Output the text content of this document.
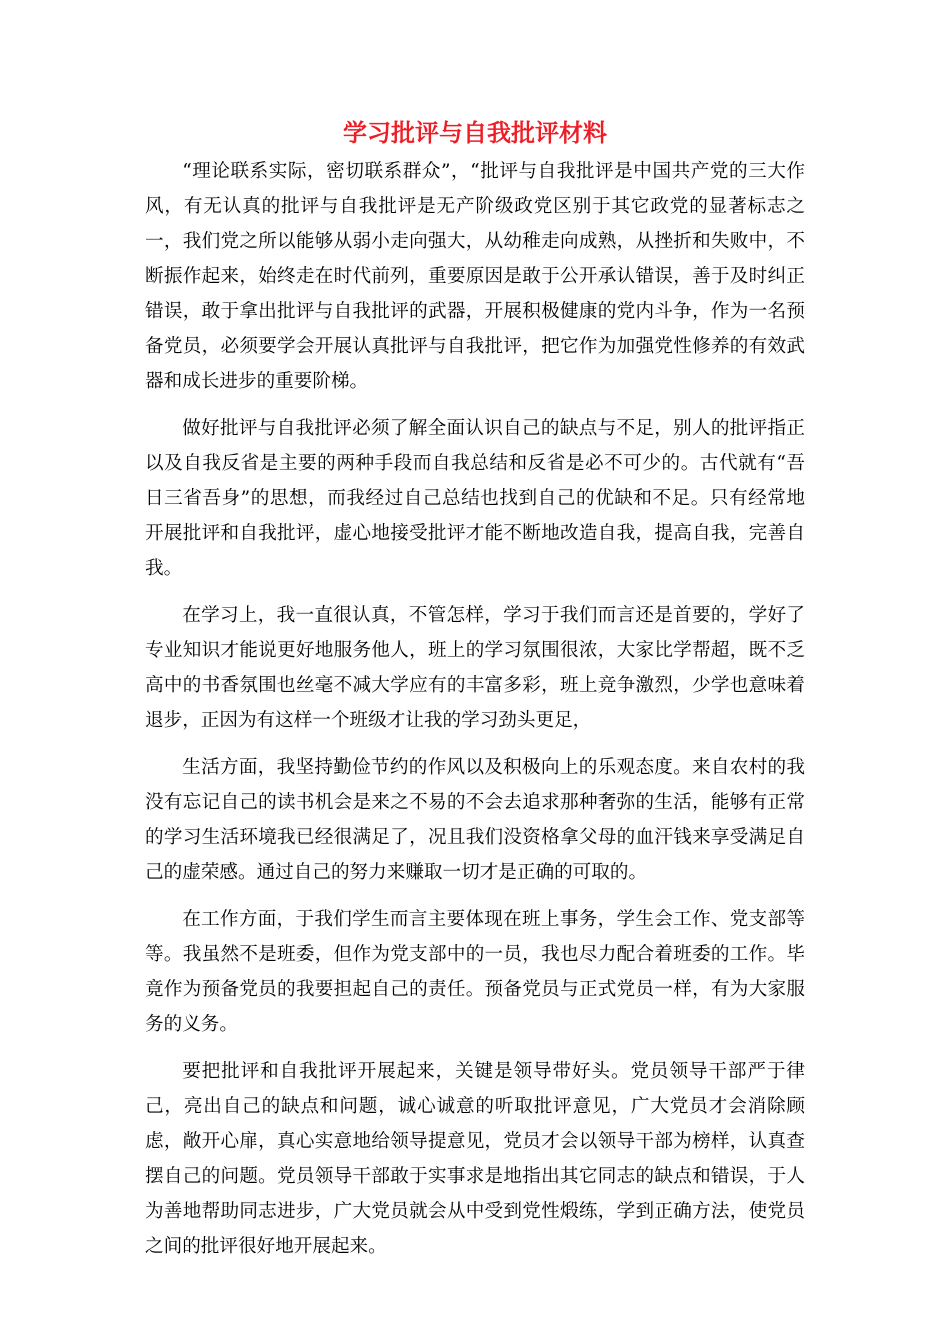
学习批评与自我批评材料

“理论联系实际，密切联系群众”，“批评与自我批评是中国共产党的三大作风，有无认真的批评与自我批评是无产阶级政党区别于其它政党的显著标志之一，我们党之所以能够从弱小走向强大，从幼稚走向成熟，从挫折和失败中，不断振作起来，始终走在时代前列，重要原因是敢于公开承认错误，善于及时纠正错误，敢于拿出批评与自我批评的武器，开展积极健康的党内斗争，作为一名预备党员，必须要学会开展认真批评与自我批评，把它作为加强党性修养的有效武器和成长进步的重要阶梯。

做好批评与自我批评必须了解全面认识自己的缺点与不足，别人的批评指正以及自我反省是主要的两种手段而自我总结和反省是必不可少的。古代就有“吾日三省吾身”的思想，而我经过自己总结也找到自己的优缺和不足。只有经常地开展批评和自我批评，虚心地接受批评才能不断地改造自我，提高自我，完善自我。

在学习上，我一直很认真，不管怎样，学习于我们而言还是首要的，学好了专业知识才能说更好地服务他人，班上的学习氛围很浓，大家比学帮超，既不乏高中的书香氛围也丝毫不减大学应有的丰富多彩，班上竞争激烈，少学也意味着退步，正因为有这样一个班级才让我的学习劲头更足，

生活方面，我坚持勤俭节约的作风以及积极向上的乐观态度。来自农村的我没有忘记自己的读书机会是来之不易的不会去追求那种奢弥的生活，能够有正常的学习生活环境我已经很满足了，况且我们没资格拿父母的血汗钱来享受满足自己的虚荣感。通过自己的努力来赚取一切才是正确的可取的。

在工作方面，于我们学生而言主要体现在班上事务，学生会工作、党支部等等。我虽然不是班委，但作为党支部中的一员，我也尽力配合着班委的工作。毕竟作为预备党员的我要担起自己的责任。预备党员与正式党员一样，有为大家服务的义务。

要把批评和自我批评开展起来，关键是领导带好头。党员领导干部严于律己，亮出自己的缺点和问题，诚心诚意的听取批评意见，广大党员才会消除顾虑，敞开心扉，真心实意地给领导提意见，党员才会以领导干部为榜样，认真查摆自己的问题。党员领导干部敢于实事求是地指出其它同志的缺点和错误，于人为善地帮助同志进步，广大党员就会从中受到党性煅练，学到正确方法，使党员之间的批评很好地开展起来。
